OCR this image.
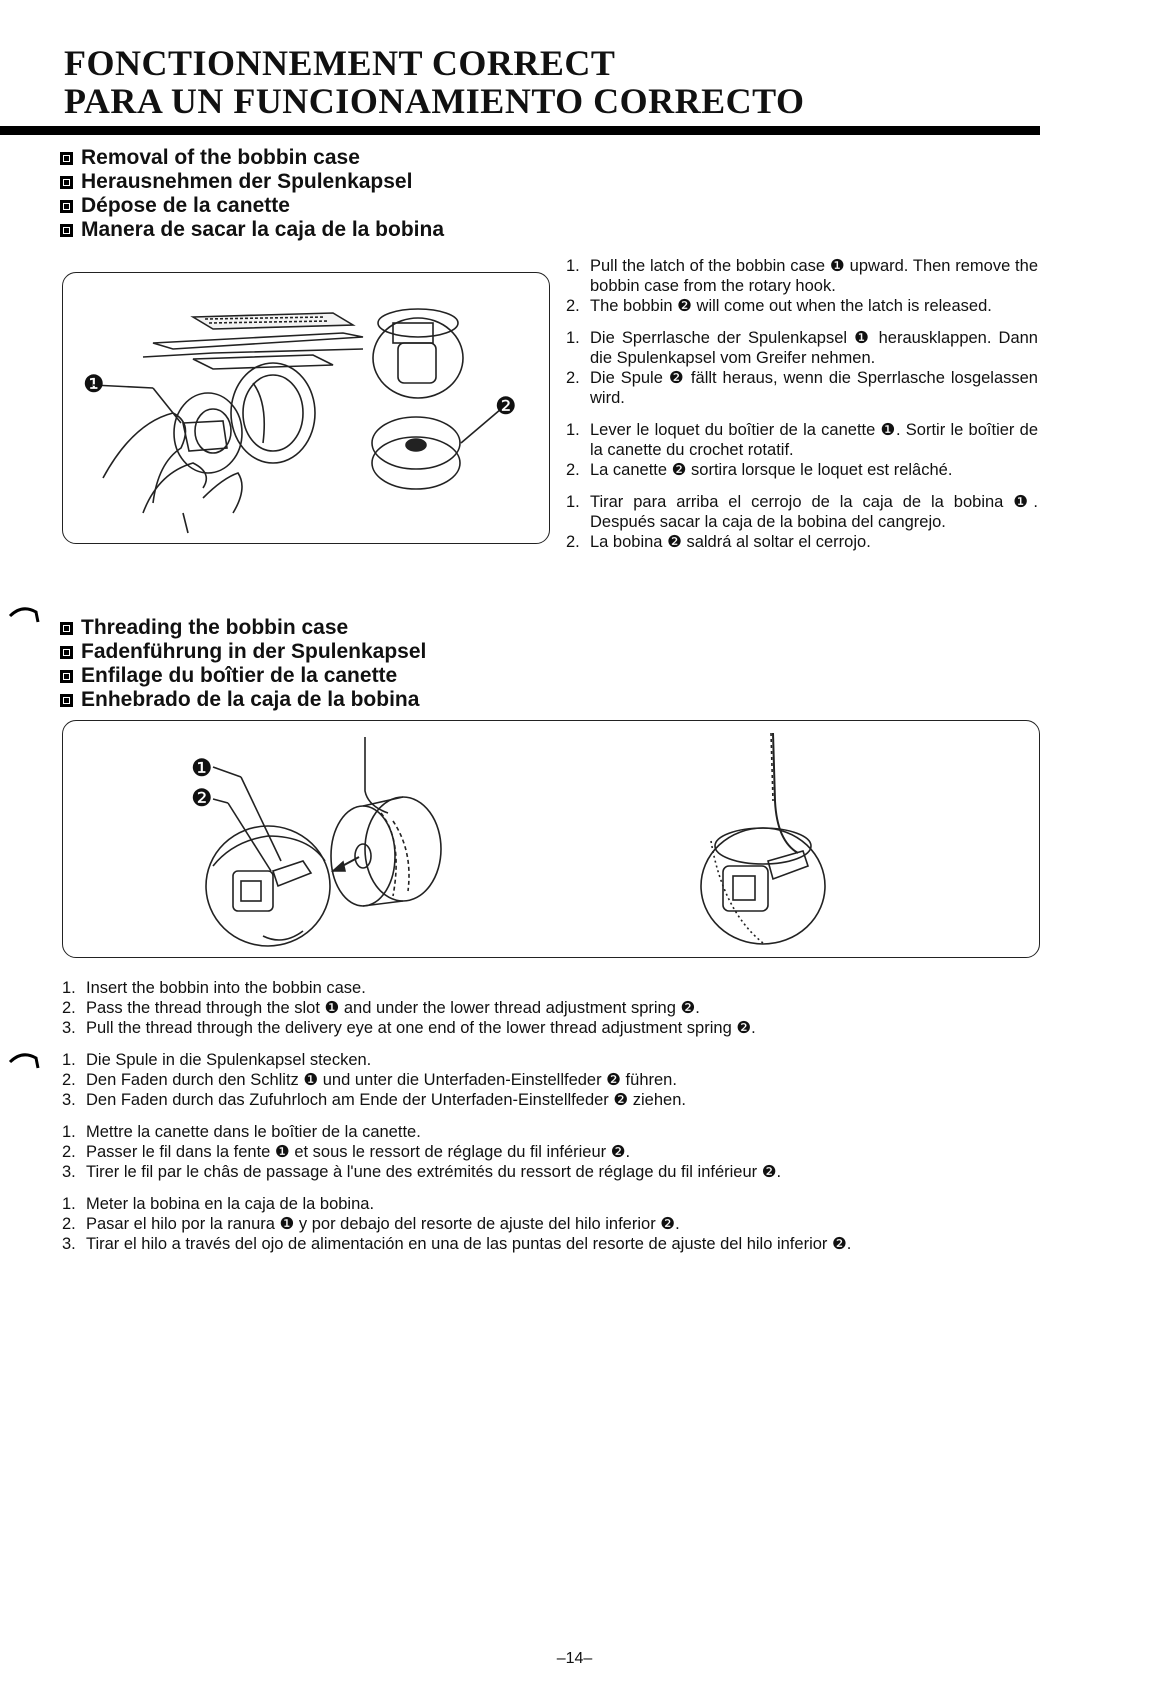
FONCTIONNEMENT CORRECT
PARA UN FUNCIONAMIENTO CORRECTO
Removal of the bobbin case
Herausnehmen der Spulenkapsel
Dépose de la canette
Manera de sacar la caja de la bobina
❶
❷
1. Pull the latch of the bobbin case ❶ upward. Then remove the bobbin case from the rotary hook.
2. The bobbin ❷ will come out when the latch is released.
1. Die Sperrlasche der Spulenkapsel ❶ herausklappen. Dann die Spulenkapsel vom Greifer nehmen.
2. Die Spule ❷ fällt heraus, wenn die Sperrlasche losgelassen wird.
1. Lever le loquet du boîtier de la canette ❶. Sortir le boîtier de la canette du crochet rotatif.
2. La canette ❷ sortira lorsque le loquet est relâché.
1. Tirar para arriba el cerrojo de la caja de la bobina ❶. Después sacar la caja de la bobina del cangrejo.
2. La bobina ❷ saldrá al soltar el cerrojo.
Threading the bobbin case
Fadenführung in der Spulenkapsel
Enfilage du boîtier de la canette
Enhebrado de la caja de la bobina
❶
❷
1. Insert the bobbin into the bobbin case.
2. Pass the thread through the slot ❶ and under the lower thread adjustment spring ❷.
3. Pull the thread through the delivery eye at one end of the lower thread adjustment spring ❷.
1. Die Spule in die Spulenkapsel stecken.
2. Den Faden durch den Schlitz ❶ und unter die Unterfaden-Einstellfeder ❷ führen.
3. Den Faden durch das Zufuhrloch am Ende der Unterfaden-Einstellfeder ❷ ziehen.
1. Mettre la canette dans le boîtier de la canette.
2. Passer le fil dans la fente ❶ et sous le ressort de réglage du fil inférieur ❷.
3. Tirer le fil par le châs de passage à l'une des extrémités du ressort de réglage du fil inférieur ❷.
1. Meter la bobina en la caja de la bobina.
2. Pasar el hilo por la ranura ❶ y por debajo del resorte de ajuste del hilo inferior ❷.
3. Tirar el hilo a través del ojo de alimentación en una de las puntas del resorte de ajuste del hilo inferior ❷.
–14–
